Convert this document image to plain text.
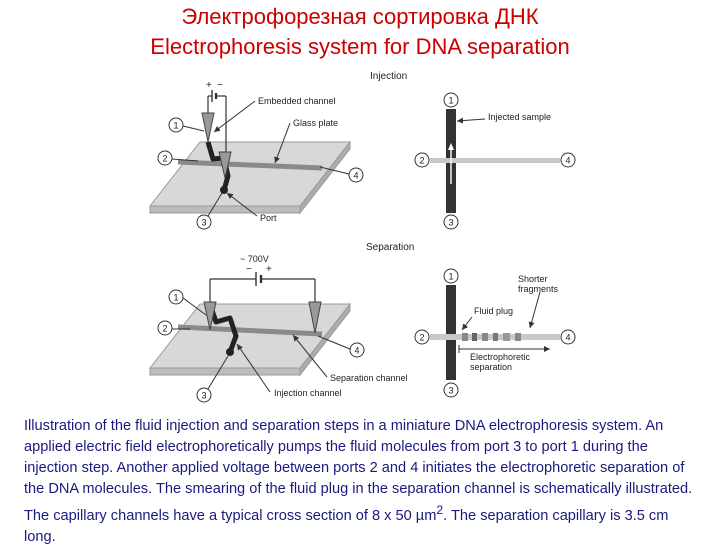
Электрофорезная сортировка ДНК
Electrophoresis system for DNA separation
Injection
+ −
1
2
3
4
Embedded channel
Glass plate
Port
Injected sample
1
2
3
4
Separation
− +
~ 700V
1
2
3
4
Separation channel
Injection channel
Fluid plug
Shorter fragments
Electrophoretic separation
1
2
3
4
Illustration of the fluid injection and separation steps in a miniature DNA electrophoresis system. An applied electric field electrophoretically pumps the fluid molecules from port 3 to port 1 during the injection step. Another applied voltage between ports 2 and 4 initiates the electrophoretic separation of the DNA molecules. The smearing of the fluid plug in the separation channel is schematically illustrated. The capillary channels have a typical cross section of 8 x 50 µm$^2$. The separation capillary is 3.5 cm long.
